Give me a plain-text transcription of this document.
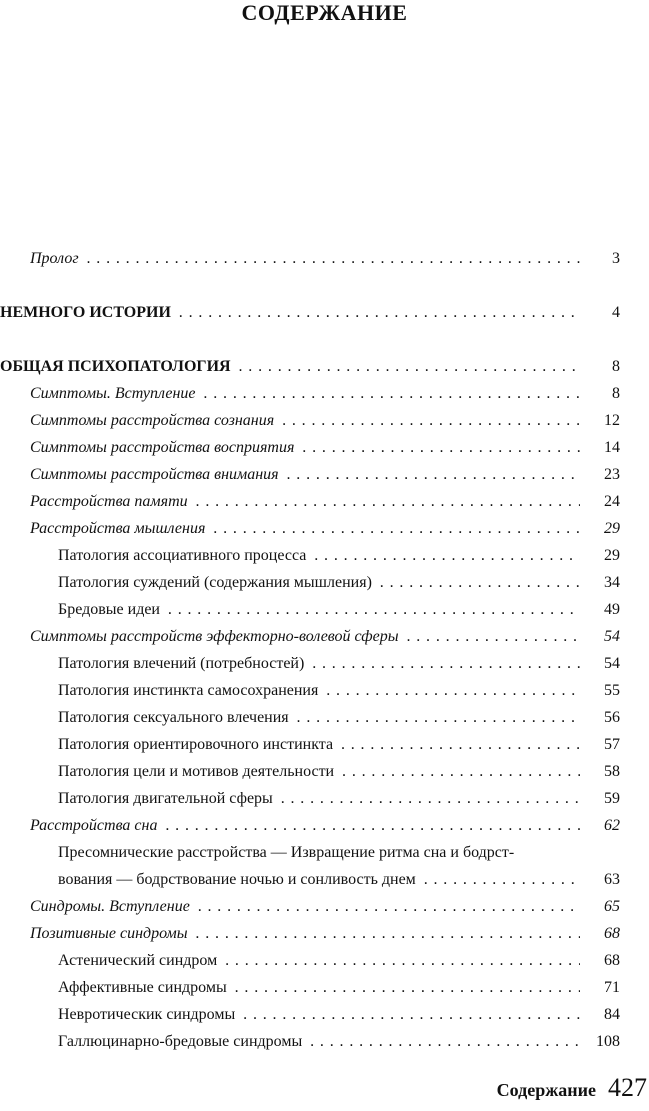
СОДЕРЖАНИЕ
Пролог . . .	3
НЕМНОГО ИСТОРИИ . . .	4
ОБЩАЯ ПСИХОПАТОЛОГИЯ . . .	8
Симптомы. Вступление . . .	8
Симптомы расстройства сознания . . .	12
Симптомы расстройства восприятия . . .	14
Симптомы расстройства внимания . . .	23
Расстройства памяти . . .	24
Расстройства мышления . . .	29
Патология ассоциативного процесса . . .	29
Патология суждений (содержания мышления) . . .	34
Бредовые идеи . . .	49
Симптомы расстройств эффекторно-волевой сферы . . .	54
Патология влечений (потребностей) . . .	54
Патология инстинкта самосохранения . . .	55
Патология сексуального влечения . . .	56
Патология ориентировочного инстинкта . . .	57
Патология цели и мотивов деятельности . . .	58
Патология двигательной сферы . . .	59
Расстройства сна . . .	62
Пресомнические расстройства — Извращение ритма сна и бодрст-
вования — бодрствование ночью и сонливость днем . . .	63
Синдромы. Вступление . . .	65
Позитивные синдромы . . .	68
Астенический синдром . . .	68
Аффективные синдромы . . .	71
Невротическик синдромы . . .	84
Галлюцинарно-бредовые синдромы . . .	108
Содержание 427
